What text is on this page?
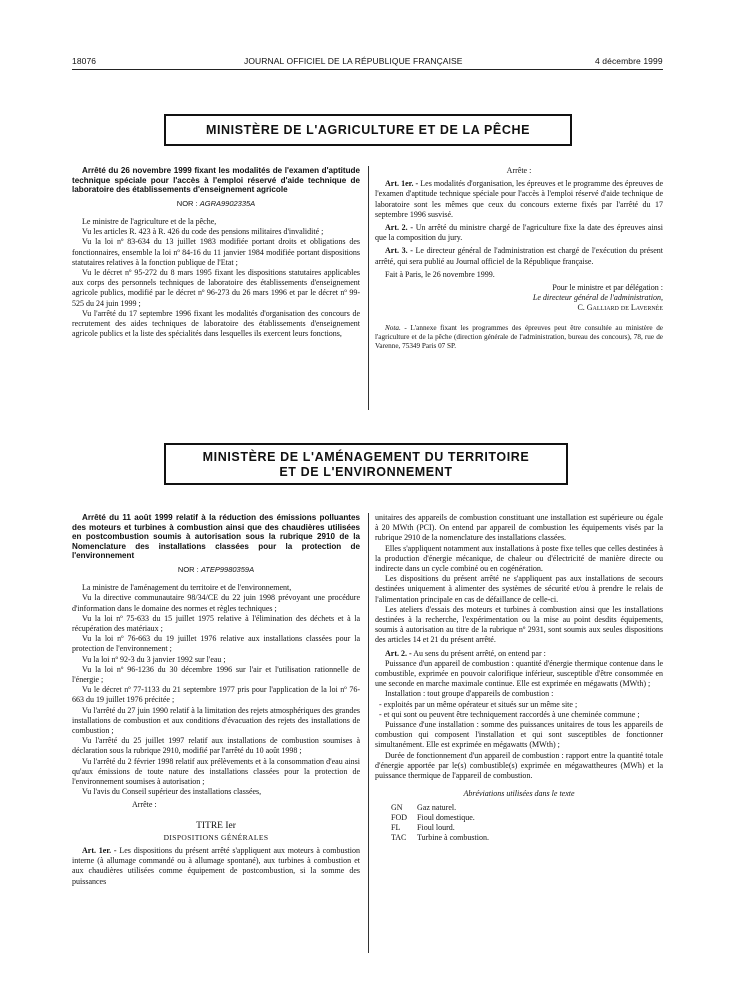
18076	JOURNAL OFFICIEL DE LA RÉPUBLIQUE FRANÇAISE	4 décembre 1999
MINISTÈRE DE L'AGRICULTURE ET DE LA PÊCHE

Arrêté du 26 novembre 1999 fixant les modalités de l'examen d'aptitude technique spéciale pour l'accès à l'emploi réservé d'aide technique de laboratoire des établissements d'enseignement agricole

NOR : AGRA9902335A

Le ministre de l'agriculture et de la pêche,

Vu les articles R. 423 à R. 426 du code des pensions militaires d'invalidité ;

Vu la loi nº 83-634 du 13 juillet 1983 modifiée portant droits et obligations des fonctionnaires, ensemble la loi nº 84-16 du 11 janvier 1984 modifiée portant dispositions statutaires relatives à la fonction publique de l'Etat ;

Vu le décret nº 95-272 du 8 mars 1995 fixant les dispositions statutaires applicables aux corps des personnels techniques de laboratoire des établissements d'enseignement agricole publics, modifié par le décret nº 96-273 du 26 mars 1996 et par le décret nº 99-525 du 24 juin 1999 ;

Vu l'arrêté du 17 septembre 1996 fixant les modalités d'organisation des concours de recrutement des aides techniques de laboratoire des établissements d'enseignement agricole publics et la liste des spécialités dans lesquelles ils exercent leurs fonctions,

Arrête :

Art. 1er. - Les modalités d'organisation, les épreuves et le programme des épreuves de l'examen d'aptitude technique spéciale pour l'accès à l'emploi réservé d'aide technique de laboratoire sont les mêmes que ceux du concours externe fixés par l'arrêté du 17 septembre 1996 susvisé.

Art. 2. - Un arrêté du ministre chargé de l'agriculture fixe la date des épreuves ainsi que la composition du jury.

Art. 3. - Le directeur général de l'administration est chargé de l'exécution du présent arrêté, qui sera publié au Journal officiel de la République française.

Fait à Paris, le 26 novembre 1999.

Pour le ministre et par délégation :

Le directeur général de l'administration,

C. Galliard de Lavernée

Nota. - L'annexe fixant les programmes des épreuves peut être consultée au ministère de l'agriculture et de la pêche (direction générale de l'administration, bureau des concours), 78, rue de Varenne, 75349 Paris 07 SP.

MINISTÈRE DE L'AMÉNAGEMENT DU TERRITOIRE
ET DE L'ENVIRONNEMENT

Arrêté du 11 août 1999 relatif à la réduction des émissions polluantes des moteurs et turbines à combustion ainsi que des chaudières utilisées en postcombustion soumis à autorisation sous la rubrique 2910 de la Nomenclature des installations classées pour la protection de l'environnement

NOR : ATEP9980359A

La ministre de l'aménagement du territoire et de l'environnement,

Vu la directive communautaire 98/34/CE du 22 juin 1998 prévoyant une procédure d'information dans le domaine des normes et règles techniques ;

Vu la loi nº 75-633 du 15 juillet 1975 relative à l'élimination des déchets et à la récupération des matériaux ;

Vu la loi nº 76-663 du 19 juillet 1976 relative aux installations classées pour la protection de l'environnement ;

Vu la loi nº 92-3 du 3 janvier 1992 sur l'eau ;

Vu la loi nº 96-1236 du 30 décembre 1996 sur l'air et l'utilisation rationnelle de l'énergie ;

Vu le décret nº 77-1133 du 21 septembre 1977 pris pour l'application de la loi nº 76-663 du 19 juillet 1976 précitée ;

Vu l'arrêté du 27 juin 1990 relatif à la limitation des rejets atmosphériques des grandes installations de combustion et aux conditions d'évacuation des rejets des installations de combustion ;

Vu l'arrêté du 25 juillet 1997 relatif aux installations de combustion soumises à déclaration sous la rubrique 2910, modifié par l'arrêté du 10 août 1998 ;

Vu l'arrêté du 2 février 1998 relatif aux prélèvements et à la consommation d'eau ainsi qu'aux émissions de toute nature des installations classées pour la protection de l'environnement soumises à autorisation ;

Vu l'avis du Conseil supérieur des installations classées,

Arrête :

TITRE Ier

DISPOSITIONS GÉNÉRALES

Art. 1er. - Les dispositions du présent arrêté s'appliquent aux moteurs à combustion interne (à allumage commandé ou à allumage spontané), aux turbines à combustion et aux chaudières utilisées comme équipement de postcombustion, si la somme des puissances

unitaires des appareils de combustion constituant une installation est supérieure ou égale à 20 MWth (PCI). On entend par appareil de combustion les équipements visés par la rubrique 2910 de la nomenclature des installations classées.

Elles s'appliquent notamment aux installations à poste fixe telles que celles destinées à la production d'énergie mécanique, de chaleur ou d'électricité de manière directe ou indirecte dans un cycle combiné ou en cogénération.

Les dispositions du présent arrêté ne s'appliquent pas aux installations de secours destinées uniquement à alimenter des systèmes de sécurité et/ou à prendre le relais de l'alimentation principale en cas de défaillance de celle-ci.

Les ateliers d'essais des moteurs et turbines à combustion ainsi que les installations destinées à la recherche, l'expérimentation ou la mise au point desdits équipements, soumis à autorisation au titre de la rubrique nº 2931, sont soumis aux seules dispositions des articles 14 et 21 du présent arrêté.

Art. 2. - Au sens du présent arrêté, on entend par :

Puissance d'un appareil de combustion : quantité d'énergie thermique contenue dans le combustible, exprimée en pouvoir calorifique inférieur, susceptible d'être consommée en une seconde en marche maximale continue. Elle est exprimée en mégawatts (MWth) ;

Installation : tout groupe d'appareils de combustion :

- exploités par un même opérateur et situés sur un même site ;

- et qui sont ou peuvent être techniquement raccordés à une cheminée commune ;

Puissance d'une installation : somme des puissances unitaires de tous les appareils de combustion qui composent l'installation et qui sont susceptibles de fonctionner simultanément. Elle est exprimée en mégawatts (MWth) ;

Durée de fonctionnement d'un appareil de combustion : rapport entre la quantité totale d'énergie apportée par le(s) combustible(s) exprimée en mégawattheures (MWh) et la puissance thermique de l'appareil de combustion.

Abréviations utilisées dans le texte

GN	Gaz naturel.
FOD	Fioul domestique.
FL	Fioul lourd.
TAC	Turbine à combustion.
